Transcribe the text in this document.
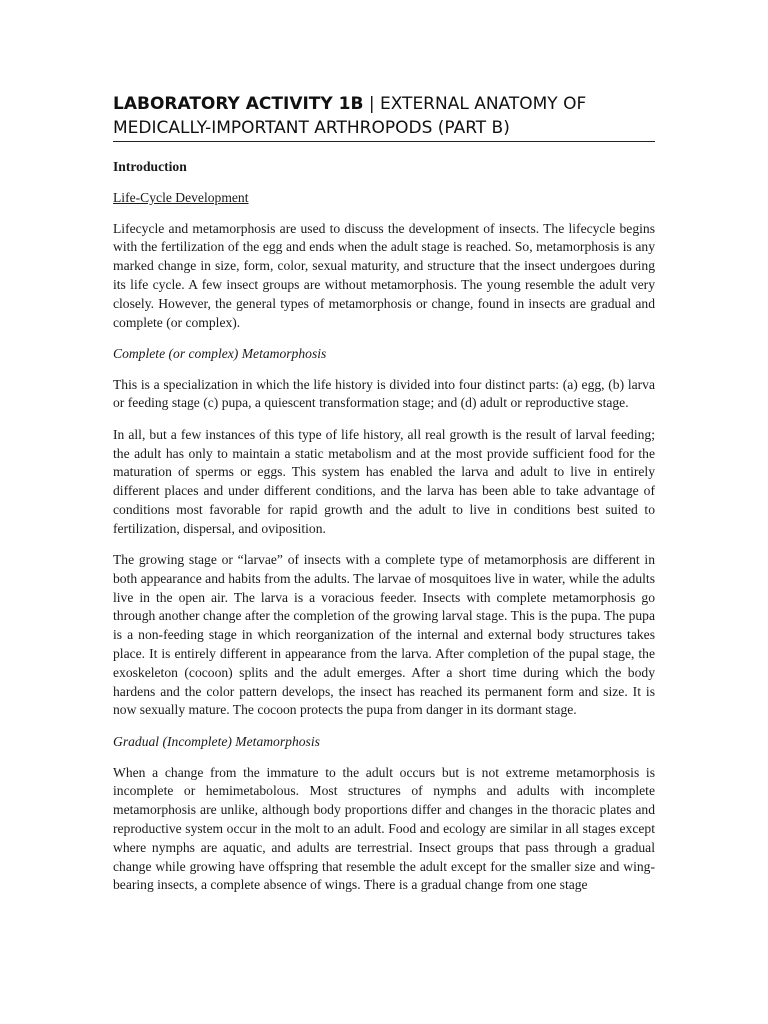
LABORATORY ACTIVITY 1B | EXTERNAL ANATOMY OF MEDICALLY-IMPORTANT ARTHROPODS (PART B)
Introduction
Life-Cycle Development

Lifecycle and metamorphosis are used to discuss the development of insects. The lifecycle begins with the fertilization of the egg and ends when the adult stage is reached. So, metamorphosis is any marked change in size, form, color, sexual maturity, and structure that the insect undergoes during its life cycle. A few insect groups are without metamorphosis. The young resemble the adult very closely. However, the general types of metamorphosis or change, found in insects are gradual and complete (or complex).

Complete (or complex) Metamorphosis

This is a specialization in which the life history is divided into four distinct parts: (a) egg, (b) larva or feeding stage (c) pupa, a quiescent transformation stage; and (d) adult or reproductive stage.

In all, but a few instances of this type of life history, all real growth is the result of larval feeding; the adult has only to maintain a static metabolism and at the most provide sufficient food for the maturation of sperms or eggs. This system has enabled the larva and adult to live in entirely different places and under different conditions, and the larva has been able to take advantage of conditions most favorable for rapid growth and the adult to live in conditions best suited to fertilization, dispersal, and oviposition.

The growing stage or “larvae” of insects with a complete type of metamorphosis are different in both appearance and habits from the adults. The larvae of mosquitoes live in water, while the adults live in the open air. The larva is a voracious feeder. Insects with complete metamorphosis go through another change after the completion of the growing larval stage. This is the pupa. The pupa is a non-feeding stage in which reorganization of the internal and external body structures takes place. It is entirely different in appearance from the larva. After completion of the pupal stage, the exoskeleton (cocoon) splits and the adult emerges. After a short time during which the body hardens and the color pattern develops, the insect has reached its permanent form and size. It is now sexually mature. The cocoon protects the pupa from danger in its dormant stage.

Gradual (Incomplete) Metamorphosis

When a change from the immature to the adult occurs but is not extreme metamorphosis is incomplete or hemimetabolous. Most structures of nymphs and adults with incomplete metamorphosis are unlike, although body proportions differ and changes in the thoracic plates and reproductive system occur in the molt to an adult. Food and ecology are similar in all stages except where nymphs are aquatic, and adults are terrestrial. Insect groups that pass through a gradual change while growing have offspring that resemble the adult except for the smaller size and wing-bearing insects, a complete absence of wings. There is a gradual change from one stage
